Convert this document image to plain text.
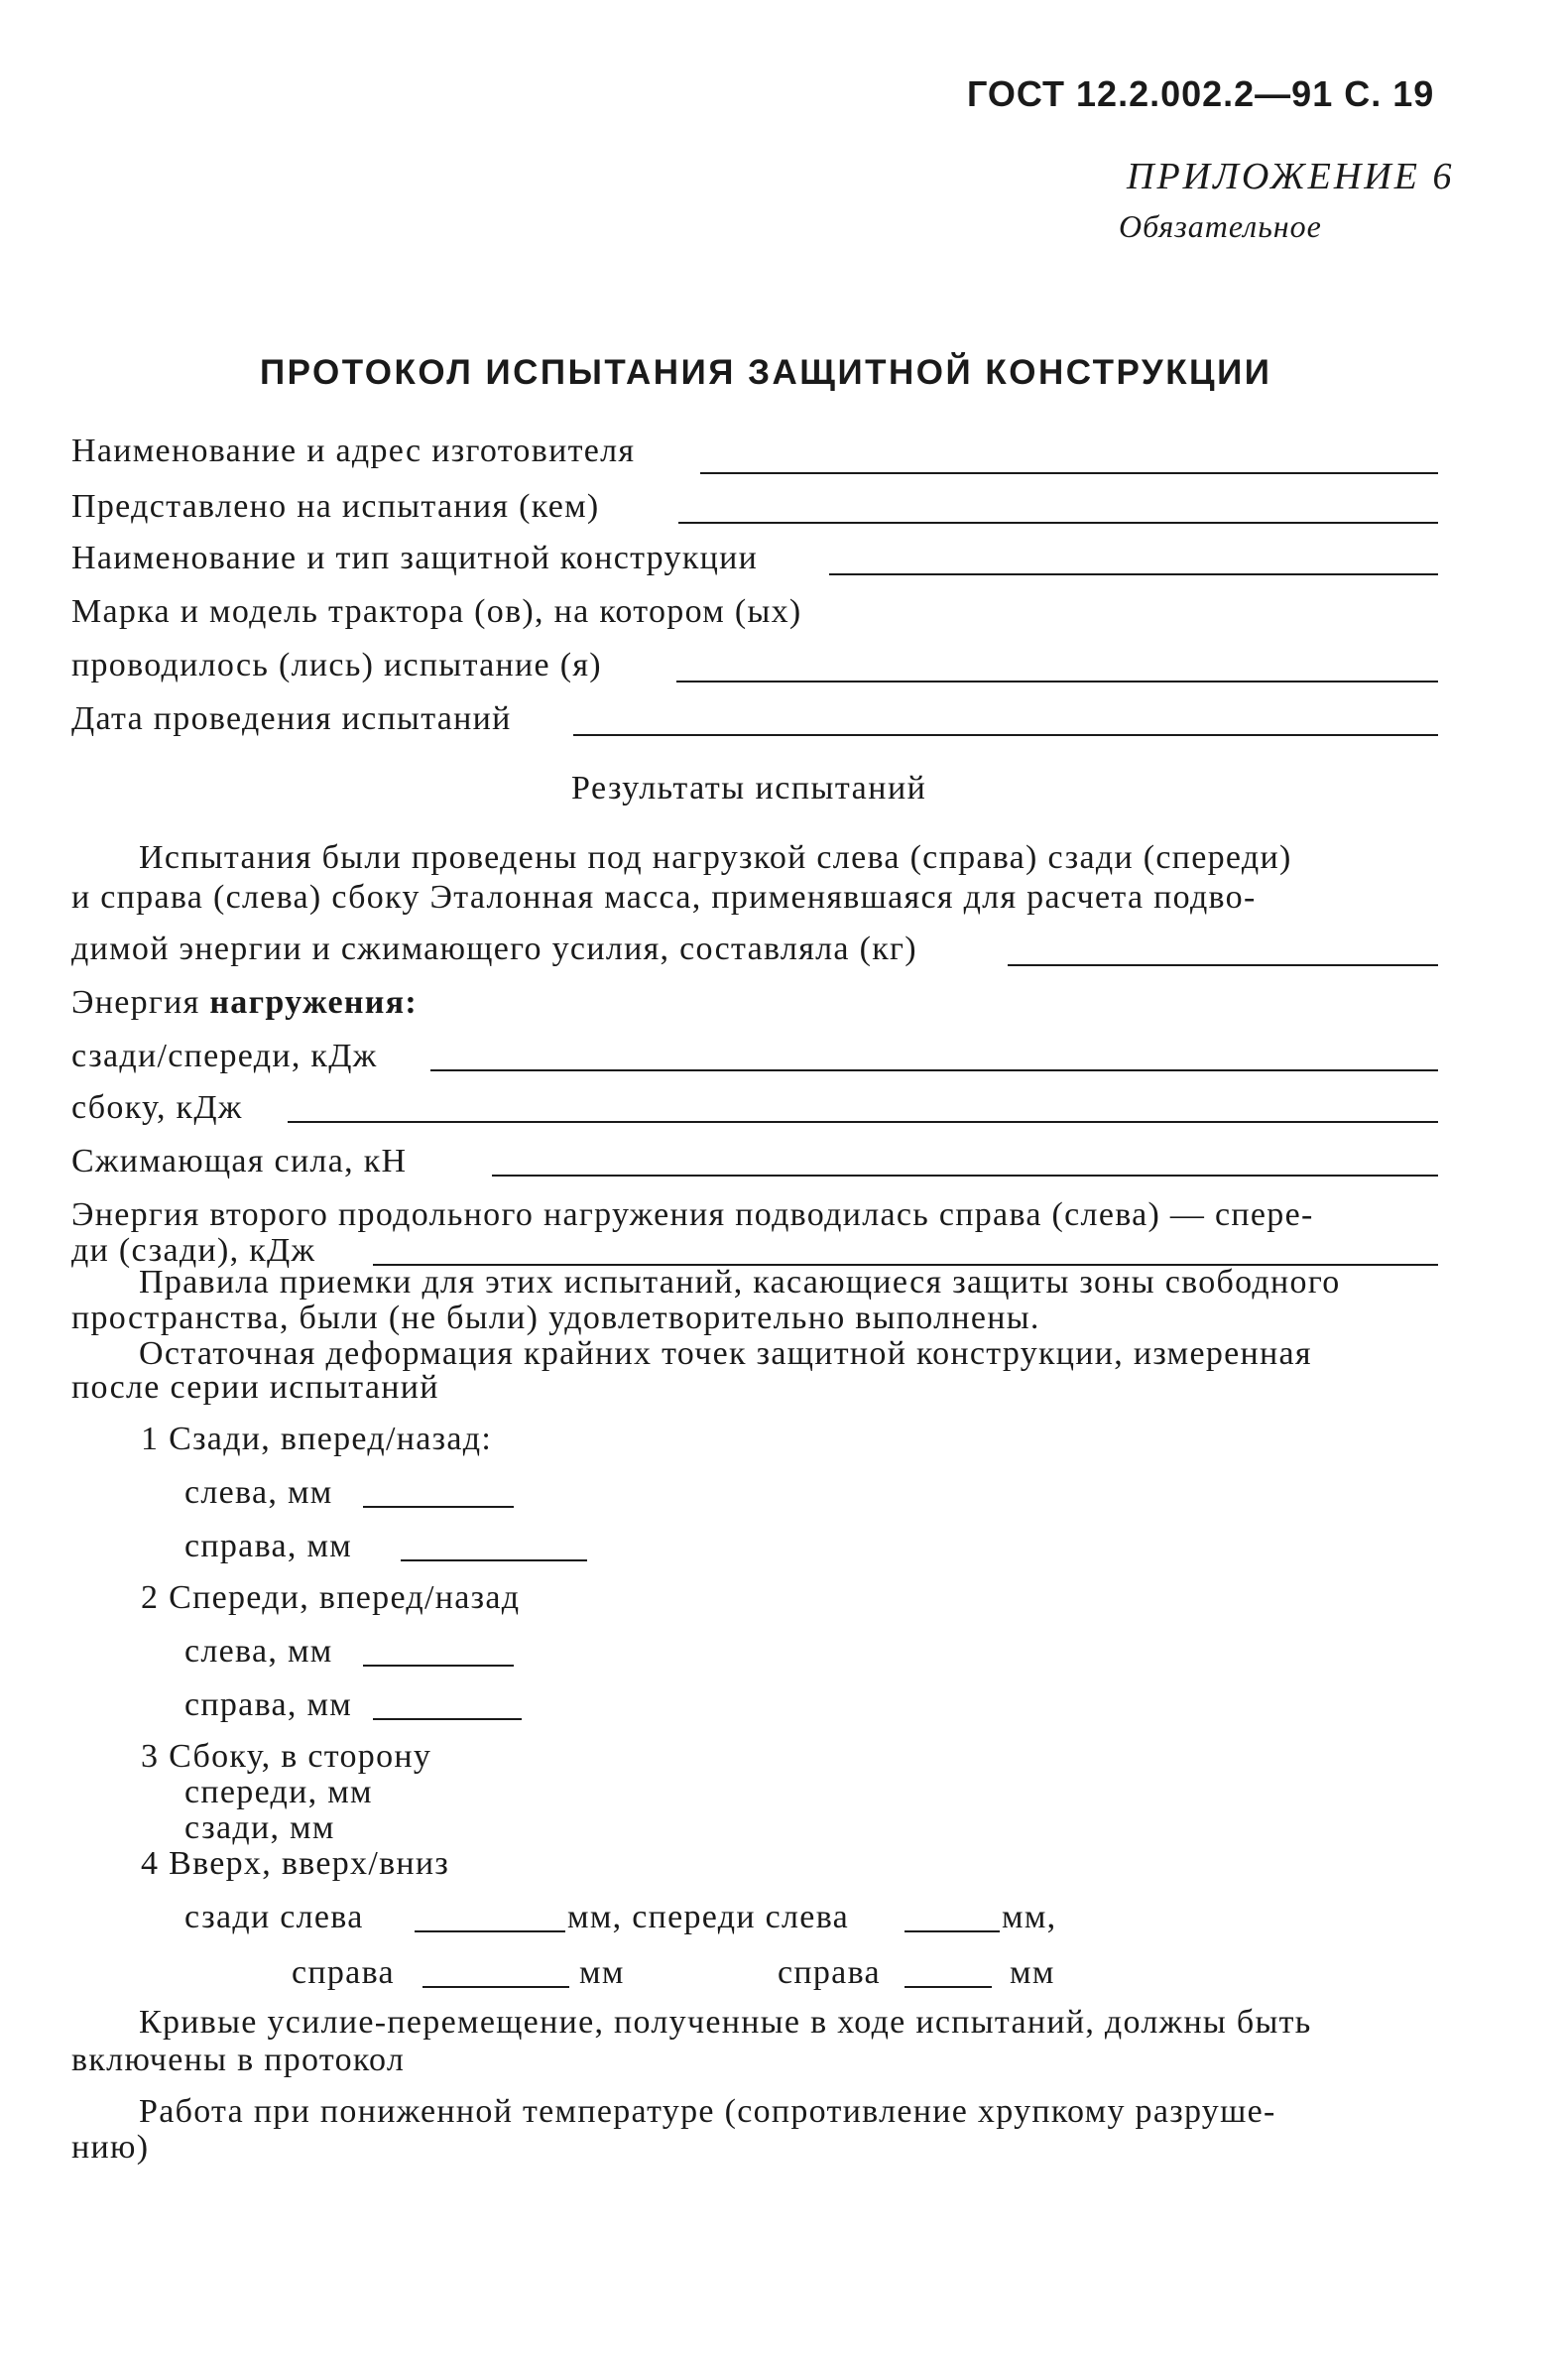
ГОСТ 12.2.002.2—91 С. 19
ПРИЛОЖЕНИЕ 6
Обязательное
ПРОТОКОЛ ИСПЫТАНИЯ ЗАЩИТНОЙ КОНСТРУКЦИИ
Наименование и адрес изготовителя
Представлено на испытания (кем)
Наименование и тип защитной конструкции
Марка и модель трактора (ов), на котором (ых)
проводилось (лись) испытание (я)
Дата проведения испытаний
Результаты испытаний
Испытания были проведены под нагрузкой слева (справа) сзади (спереди)
и справа (слева) сбоку Эталонная масса, применявшаяся для расчета подво-
димой энергии и сжимающего усилия, составляла (кг)
Энергия нагружения:
сзади/спереди, кДж
сбоку, кДж
Сжимающая сила, кН
Энергия второго продольного нагружения подводилась справа (слева) — спере-
ди (сзади), кДж
Правила приемки для этих испытаний, касающиеся защиты зоны свободного
пространства, были (не были) удовлетворительно выполнены.
Остаточная деформация крайних точек защитной конструкции, измеренная
после серии испытаний
1 Сзади, вперед/назад:
слева, мм
справа, мм
2 Спереди, вперед/назад
слева, мм
справа, мм
3 Сбоку, в сторону
спереди, мм
сзади, мм
4 Вверх, вверх/вниз
сзади слева	мм, спереди слева	мм,
справа	мм	справа	мм
Кривые усилие-перемещение, полученные в ходе испытаний, должны быть
включены в протокол
Работа при пониженной температуре (сопротивление хрупкому разруше-
нию)
